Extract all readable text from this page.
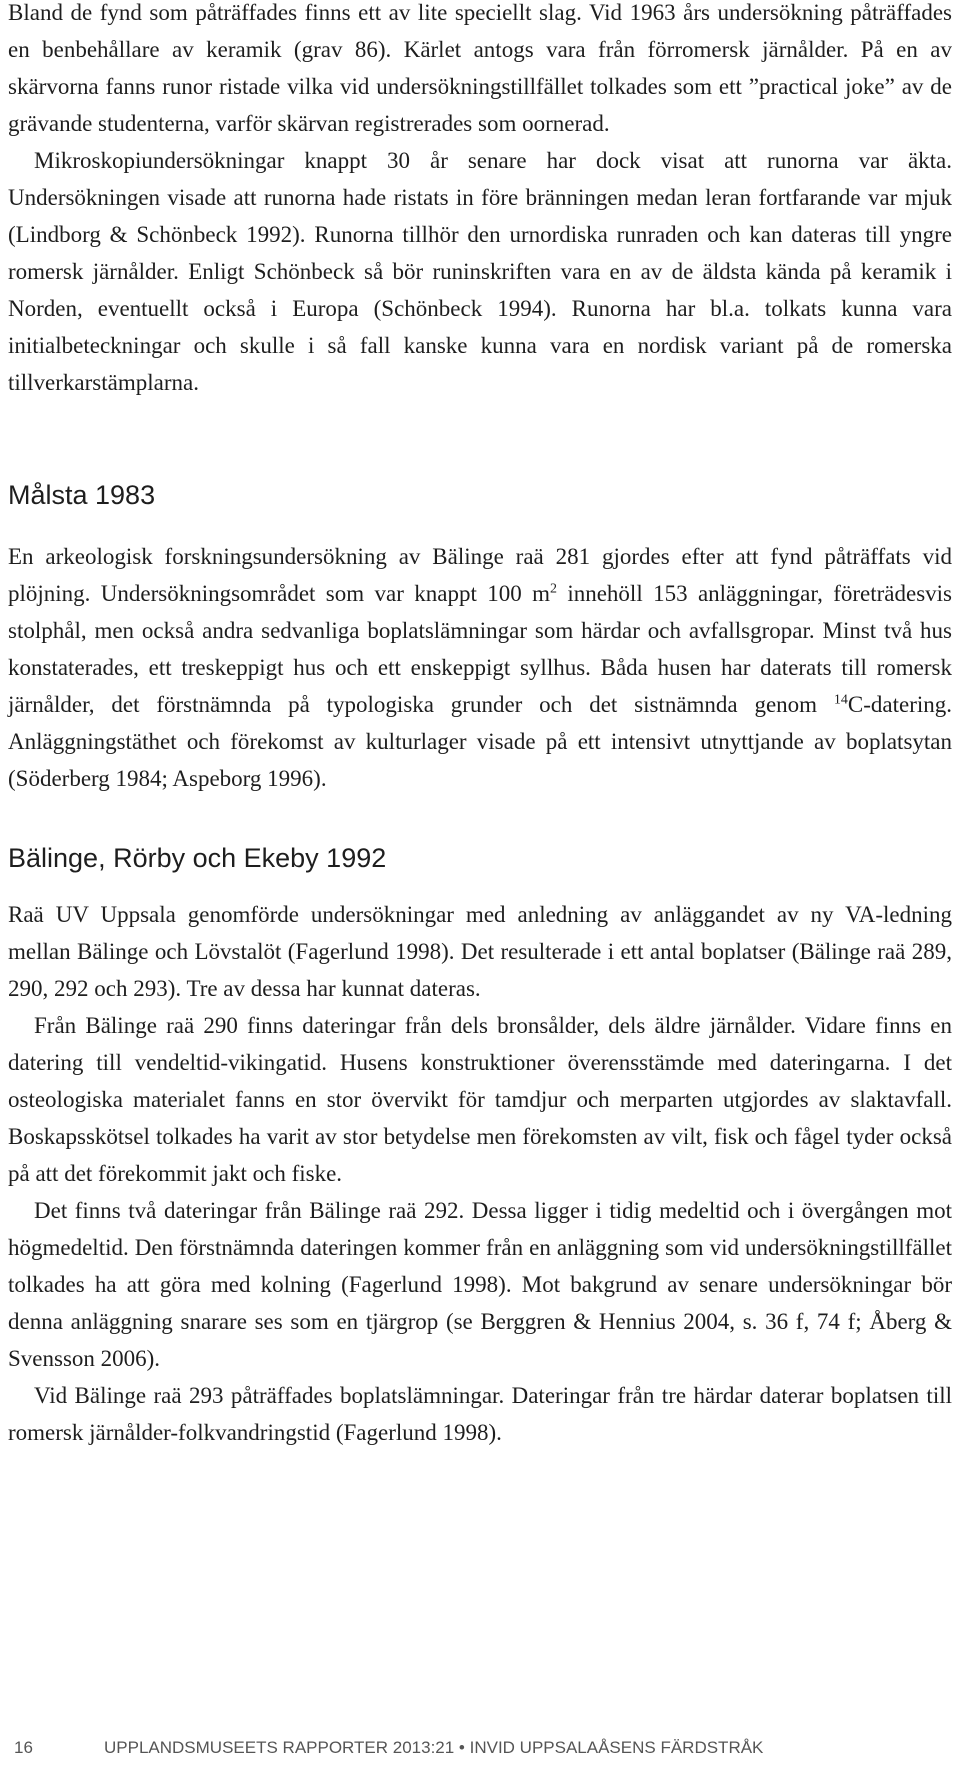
Bland de fynd som påträffades finns ett av lite speciellt slag. Vid 1963 års undersökning påträffades en benbehållare av keramik (grav 86). Kärlet antogs vara från förromersk järnålder. På en av skärvorna fanns runor ristade vilka vid undersökningstillfället tolkades som ett ”practical joke” av de grävande studenterna, varför skärvan registrerades som oornerad.

Mikroskopiundersökningar knappt 30 år senare har dock visat att runorna var äkta. Undersökningen visade att runorna hade ristats in före bränningen medan leran fortfarande var mjuk (Lindborg & Schönbeck 1992). Runorna tillhör den urnordiska runraden och kan dateras till yngre romersk järnålder. Enligt Schönbeck så bör runinskriften vara en av de äldsta kända på keramik i Norden, eventuellt också i Europa (Schönbeck 1994). Runorna har bl.a. tolkats kunna vara initialbeteckningar och skulle i så fall kanske kunna vara en nordisk variant på de romerska tillverkarstämplarna.

Målsta 1983

En arkeologisk forskningsundersökning av Bälinge raä 281 gjordes efter att fynd påträffats vid plöjning. Undersökningsområdet som var knappt 100 $m^2$ innehöll 153 anläggningar, företrädesvis stolphål, men också andra sedvanliga boplatslämningar som härdar och avfallsgropar. Minst två hus konstaterades, ett treskeppigt hus och ett enskeppigt syllhus. Båda husen har daterats till romersk järnålder, det förstnämnda på typologiska grunder och det sistnämnda genom $^{14}$C-datering. Anläggningstäthet och förekomst av kulturlager visade på ett intensivt utnyttjande av boplatsytan (Söderberg 1984; Aspeborg 1996).

Bälinge, Rörby och Ekeby 1992

Raä UV Uppsala genomförde undersökningar med anledning av anläggandet av ny VA-ledning mellan Bälinge och Lövstalöt (Fagerlund 1998). Det resulterade i ett antal boplatser (Bälinge raä 289, 290, 292 och 293). Tre av dessa har kunnat dateras.

Från Bälinge raä 290 finns dateringar från dels bronsålder, dels äldre järnålder. Vidare finns en datering till vendeltid-vikingatid. Husens konstruktioner överensstämde med dateringarna. I det osteologiska materialet fanns en stor övervikt för tamdjur och merparten utgjordes av slaktavfall. Boskapsskötsel tolkades ha varit av stor betydelse men förekomsten av vilt, fisk och fågel tyder också på att det förekommit jakt och fiske.

Det finns två dateringar från Bälinge raä 292. Dessa ligger i tidig medeltid och i övergången mot högmedeltid. Den förstnämnda dateringen kommer från en anläggning som vid undersökningstillfället tolkades ha att göra med kolning (Fagerlund 1998). Mot bakgrund av senare undersökningar bör denna anläggning snarare ses som en tjärgrop (se Berggren & Hennius 2004, s. 36 f, 74 f; Åberg & Svensson 2006).

Vid Bälinge raä 293 påträffades boplatslämningar. Dateringar från tre härdar daterar boplatsen till romersk järnålder-folkvandringstid (Fagerlund 1998).

16	UPPLANDSMUSEETS RAPPORTER 2013:21 • INVID UPPSALAÅSENS FÄRDSTRÅK
